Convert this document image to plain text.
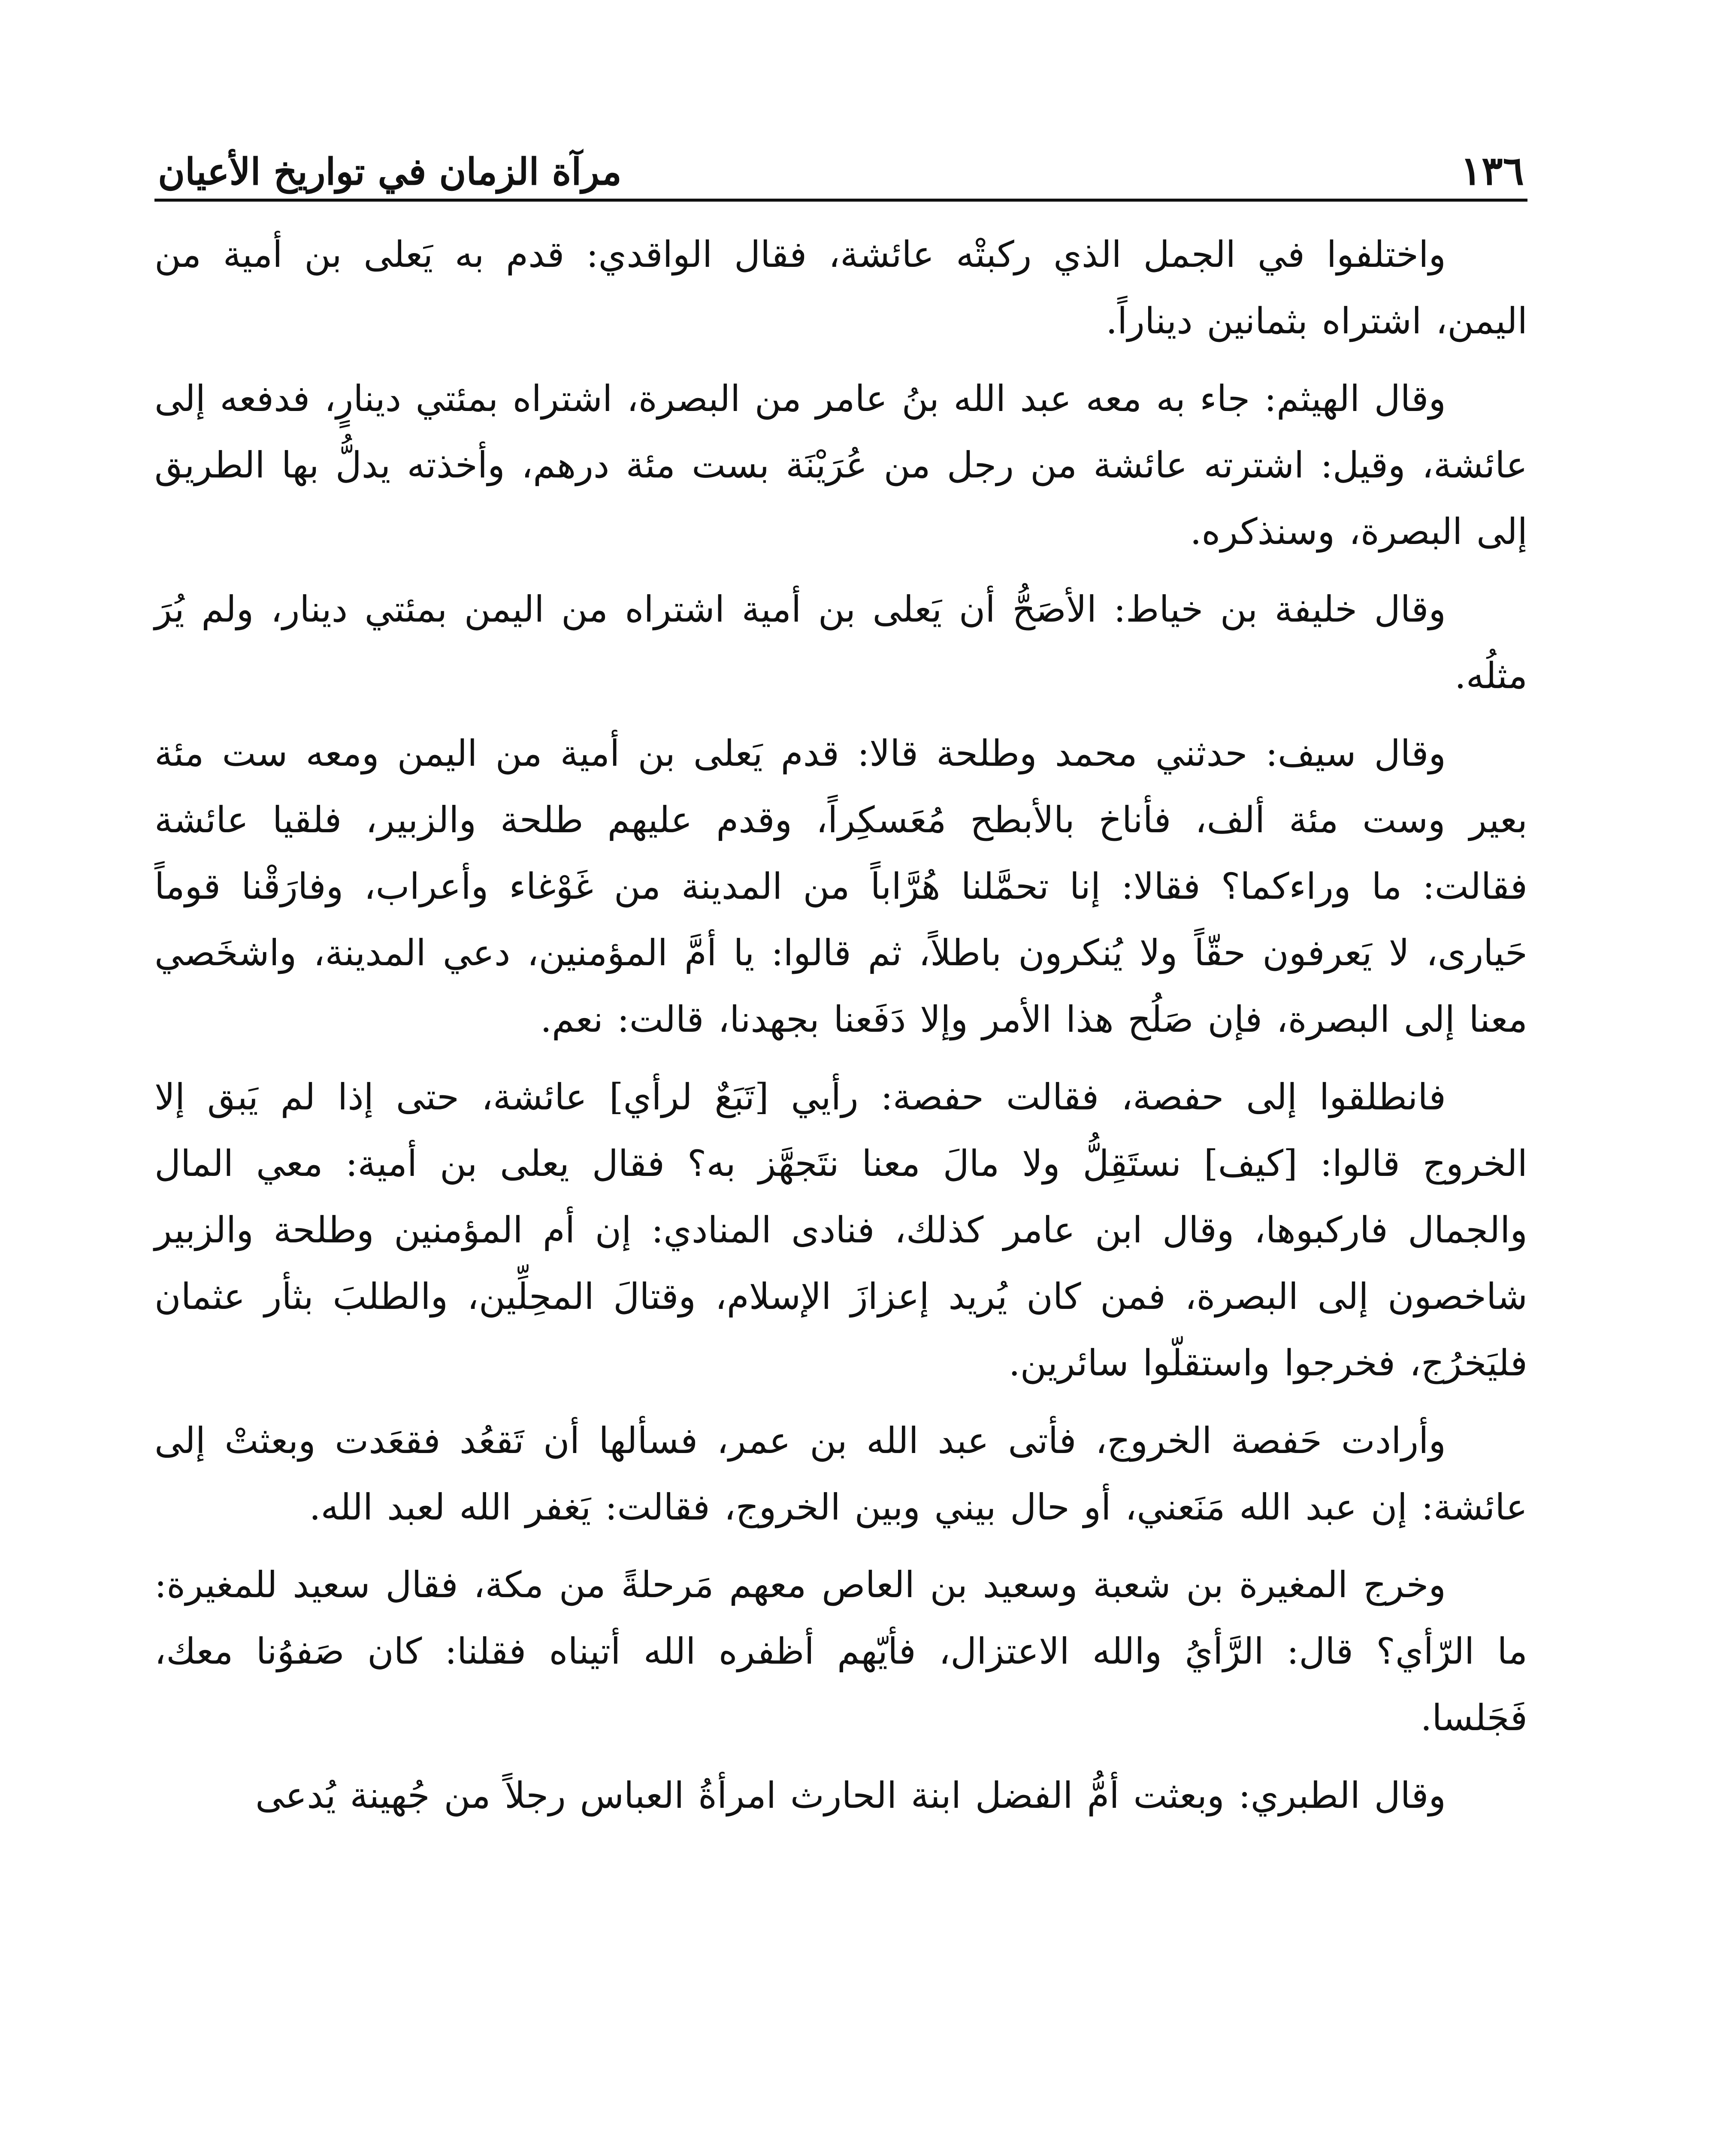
١٣٦
مرآة الزمان في تواريخ الأعيان

واختلفوا في الجمل الذي ركبتْه عائشة، فقال الواقدي: قدم به يَعلى بن أمية من اليمن، اشتراه بثمانين ديناراً.

وقال الهيثم: جاء به معه عبد الله بنُ عامر من البصرة، اشتراه بمئتي دينارٍ، فدفعه إلى عائشة، وقيل: اشترته عائشة من رجل من عُرَيْنَة بست مئة درهم، وأخذته يدلُّ بها الطريق إلى البصرة، وسنذكره.

وقال خليفة بن خياط: الأصَحُّ أن يَعلى بن أمية اشتراه من اليمن بمئتي دينار، ولم يُرَ مثلُه.

وقال سيف: حدثني محمد وطلحة قالا: قدم يَعلى بن أمية من اليمن ومعه ست مئة بعير وست مئة ألف، فأناخ بالأبطح مُعَسكِراً، وقدم عليهم طلحة والزبير، فلقيا عائشة فقالت: ما وراءكما؟ فقالا: إنا تحمَّلنا هُرَّاباً من المدينة من غَوْغاء وأعراب، وفارَقْنا قوماً حَيارى، لا يَعرفون حقّاً ولا يُنكرون باطلاً، ثم قالوا: يا أمَّ المؤمنين، دعي المدينة، واشخَصي معنا إلى البصرة، فإن صَلُح هذا الأمر وإلا دَفَعنا بجهدنا، قالت: نعم.

فانطلقوا إلى حفصة، فقالت حفصة: رأيي [تَبَعٌ لرأي] عائشة، حتى إذا لم يَبق إلا الخروج قالوا: [كيف] نستَقِلُّ ولا مالَ معنا نتَجهَّز به؟ فقال يعلى بن أمية: معي المال والجمال فاركبوها، وقال ابن عامر كذلك، فنادى المنادي: إن أم المؤمنين وطلحة والزبير شاخصون إلى البصرة، فمن كان يُريد إعزازَ الإسلام، وقتالَ المحِلِّين، والطلبَ بثأر عثمان فليَخرُج، فخرجوا واستقلّوا سائرين.

وأرادت حَفصة الخروج، فأتى عبد الله بن عمر، فسألها أن تَقعُد فقعَدت وبعثتْ إلى عائشة: إن عبد الله مَنَعني، أو حال بيني وبين الخروج، فقالت: يَغفر الله لعبد الله.

وخرج المغيرة بن شعبة وسعيد بن العاص معهم مَرحلةً من مكة، فقال سعيد للمغيرة: ما الرّأي؟ قال: الرَّأيُ والله الاعتزال، فأيّهم أظفره الله أتيناه فقلنا: كان صَفوُنا معك، فَجَلسا.

وقال الطبري: وبعثت أمُّ الفضل ابنة الحارث امرأةُ العباس رجلاً من جُهينة يُدعى
